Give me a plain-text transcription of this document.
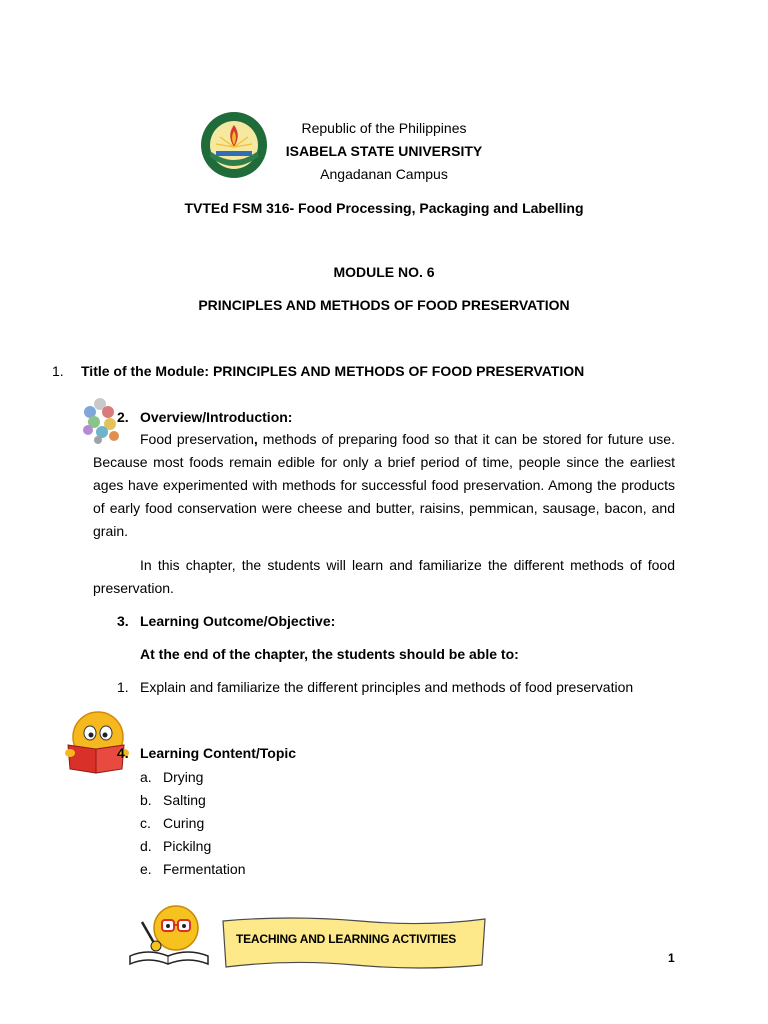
Republic of the Philippines
ISABELA STATE UNIVERSITY
Angadanan Campus
TVTEd FSM 316- Food Processing, Packaging and Labelling
MODULE NO. 6
PRINCIPLES AND METHODS OF FOOD PRESERVATION
1. Title of the Module: PRINCIPLES AND METHODS OF FOOD PRESERVATION
2. Overview/Introduction:
Food preservation, methods of preparing food so that it can be stored for future use. Because most foods remain edible for only a brief period of time, people since the earliest ages have experimented with methods for successful food preservation. Among the products of early food conservation were cheese and butter, raisins, pemmican, sausage, bacon, and grain.
In this chapter, the students will learn and familiarize the different methods of food preservation.
3. Learning Outcome/Objective:
At the end of the chapter, the students should be able to:
1. Explain and familiarize the different principles and methods of food preservation
4. Learning Content/Topic
a. Drying
b. Salting
c. Curing
d. Pickilng
e. Fermentation
TEACHING AND LEARNING ACTIVITIES
1
